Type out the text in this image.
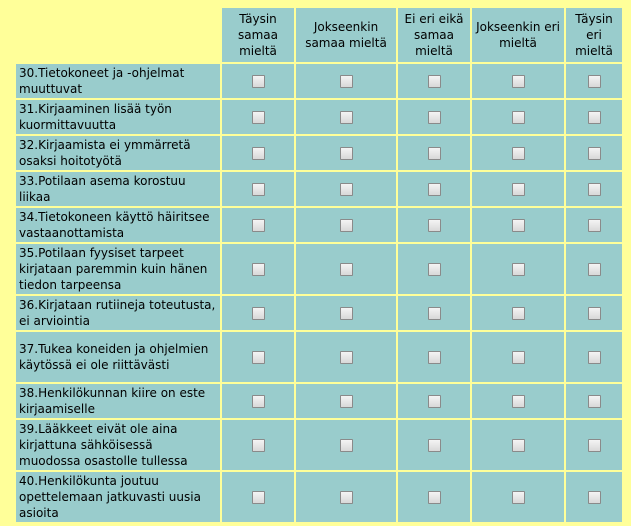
	Täysin samaa mieltä	Jokseenkin samaa mieltä	Ei eri eikä samaa mieltä	Jokseenkin eri mieltä	Täysin eri mieltä
30.Tietokoneet ja -ohjelmat muuttuvat					
31.Kirjaaminen lisää työn kuormittavuutta					
32.Kirjaamista ei ymmärretä osaksi hoitotyötä					
33.Potilaan asema korostuu liikaa					
34.Tietokoneen käyttö häiritsee vastaanottamista					
35.Potilaan fyysiset tarpeet kirjataan paremmin kuin hänen tiedon tarpeensa					
36.Kirjataan rutiineja toteutusta, ei arviointia					
37.Tukea koneiden ja ohjelmien käytössä ei ole riittävästi					
38.Henkilökunnan kiire on este kirjaamiselle					
39.Lääkkeet eivät ole aina kirjattuna sähköisessä muodossa osastolle tullessa					
40.Henkilökunta joutuu opettelemaan jatkuvasti uusia asioita					
